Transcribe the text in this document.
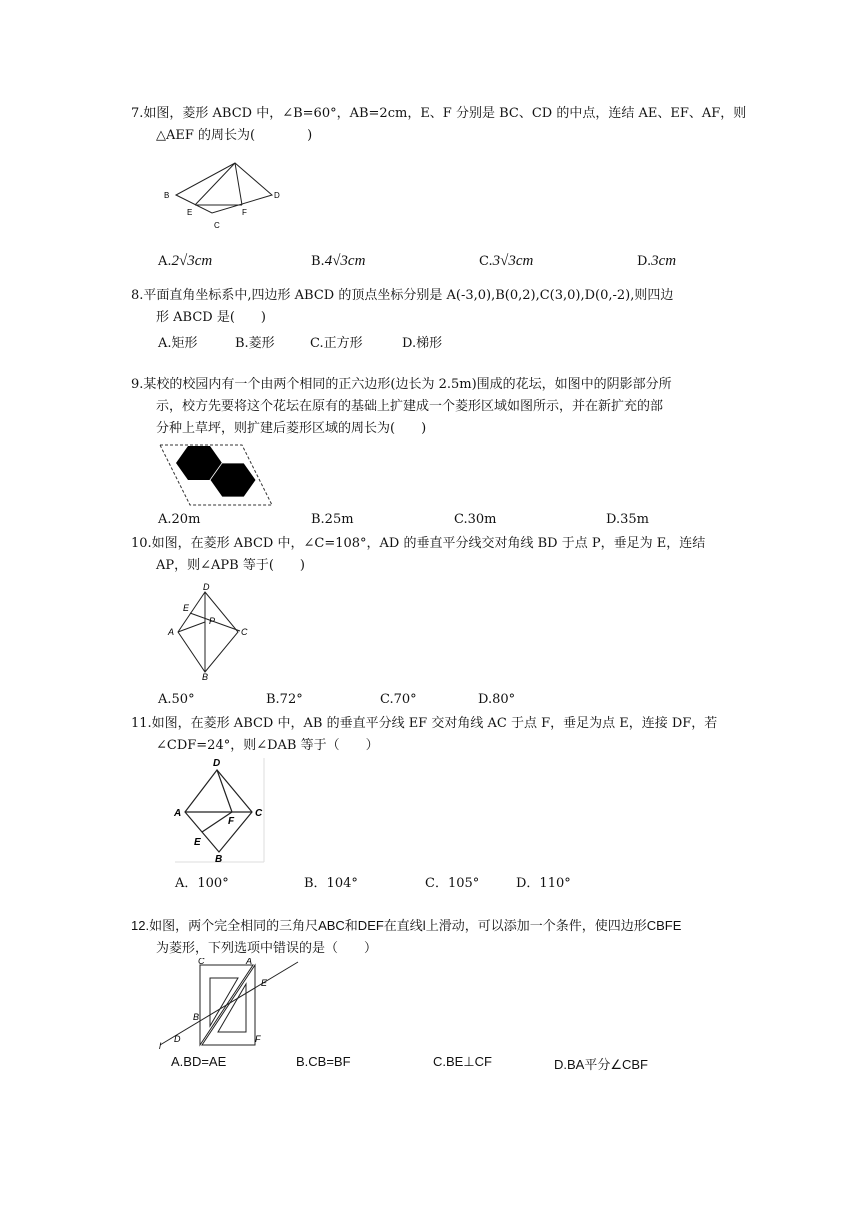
7.如图，菱形 ABCD 中，∠B=60°，AB=2cm，E、F 分别是 BC、CD 的中点，连结 AE、EF、AF，则
△AEF 的周长为(　　　　)
B	D
E	F
C
A.2√3cm	B.4√3cm	C.3√3cm	D.3cm
8.平面直角坐标系中,四边形 ABCD 的顶点坐标分别是 A(-3,0),B(0,2),C(3,0),D(0,-2),则四边
形 ABCD 是(　　)
A.矩形	B.菱形	C.正方形	D.梯形
9.某校的校园内有一个由两个相同的正六边形(边长为 2.5m)围成的花坛，如图中的阴影部分所
示，校方先要将这个花坛在原有的基础上扩建成一个菱形区域如图所示，并在新扩充的部
分种上草坪，则扩建后菱形区域的周长为(　　)
A.20m	B.25m	C.30m	D.35m
10.如图，在菱形 ABCD 中，∠C=108°，AD 的垂直平分线交对角线 BD 于点 P，垂足为 E，连结
AP，则∠APB 等于(　　)
D
E
P
A	C
B
A.50°	B.72°	C.70°	D.80°
11.如图，在菱形 ABCD 中，AB 的垂直平分线 EF 交对角线 AC 于点 F，垂足为点 E，连接 DF，若
∠CDF=24°，则∠DAB 等于（　　）
D
A	C
F
E
B
A．100°	B．104°	C．105°	D．110°
12.如图，两个完全相同的三角尺ABC和DEF在直线l上滑动，可以添加一个条件，使四边形CBFE
为菱形，下列选项中错误的是（　　）
C	A
E
B
D	F
l
A.BD=AE	B.CB=BF	C.BE⊥CF	D.BA平分∠CBF
